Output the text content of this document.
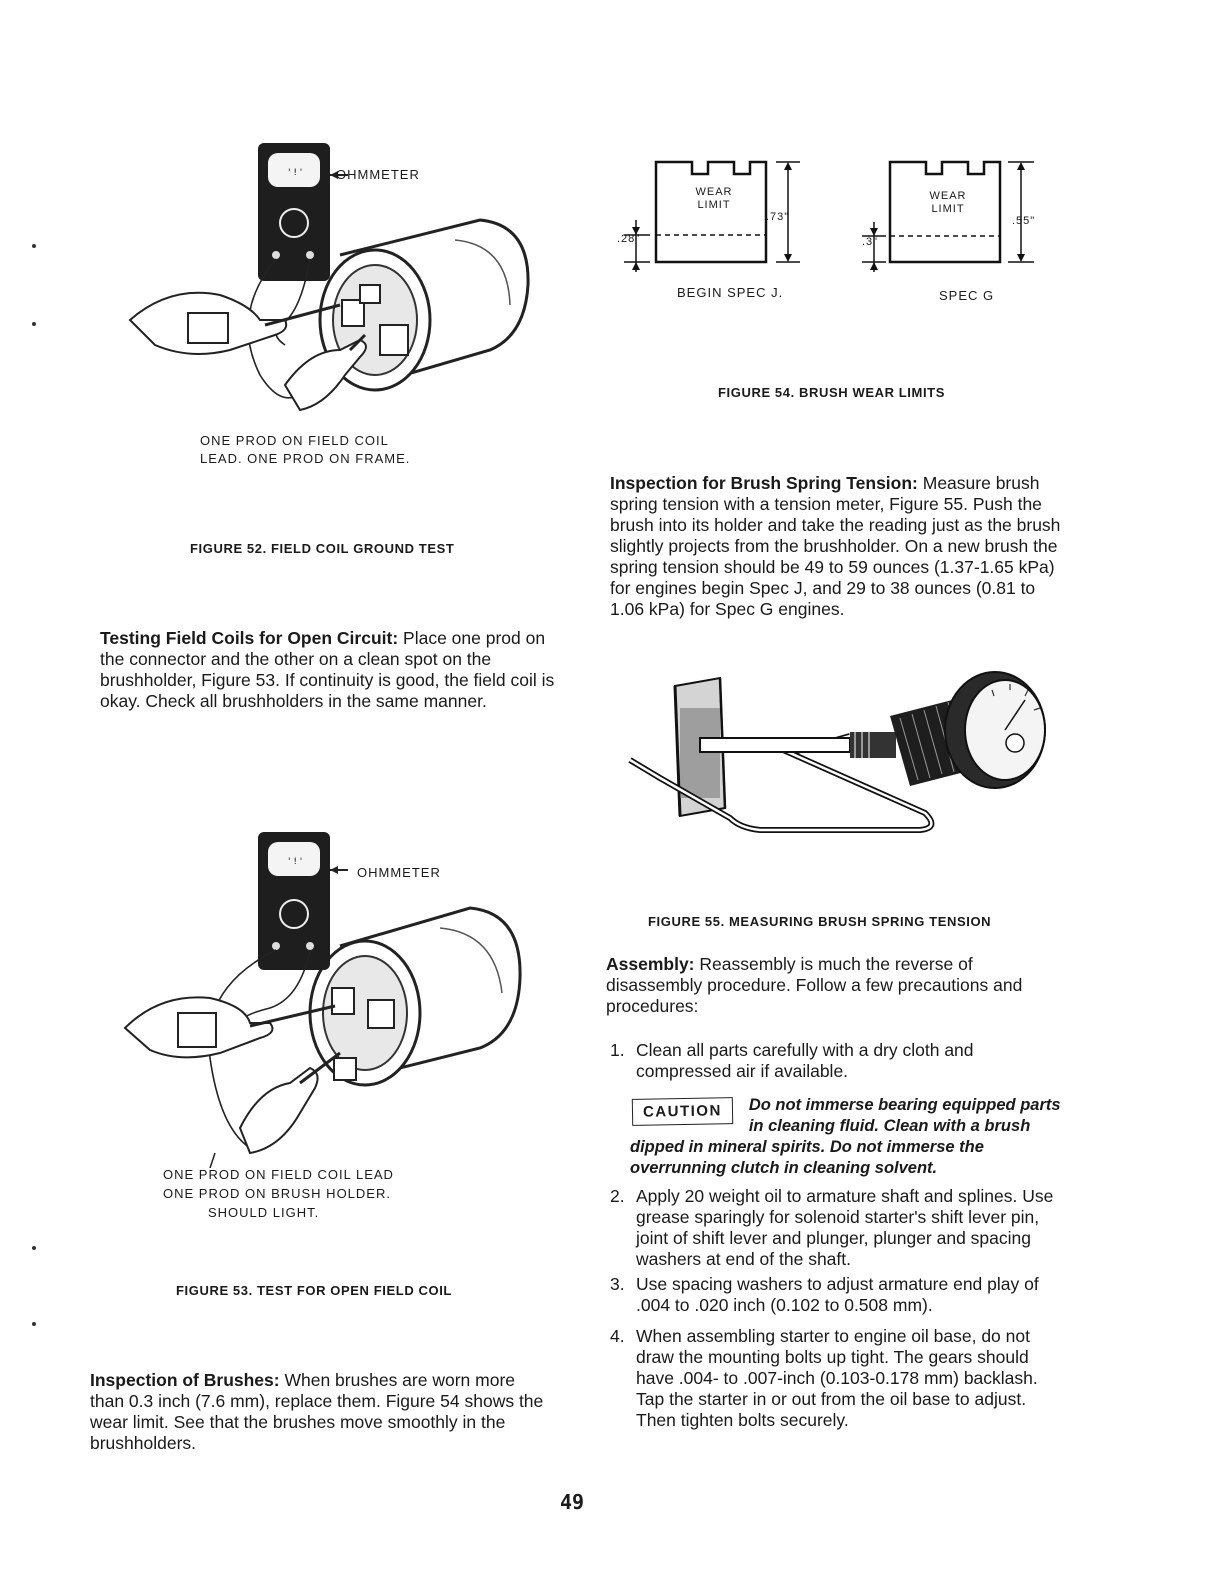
' ! '	OHMMETER
ONE PROD ON FIELD COIL
LEAD. ONE PROD ON FRAME.
FIGURE 52. FIELD COIL GROUND TEST
Testing Field Coils for Open Circuit: Place one prod on the connector and the other on a clean spot on the brushholder, Figure 53. If continuity is good, the field coil is okay. Check all brushholders in the same manner.
' ! '
OHMMETER
ONE PROD ON FIELD COIL LEAD
ONE PROD ON BRUSH HOLDER.
SHOULD LIGHT.
FIGURE 53. TEST FOR OPEN FIELD COIL
Inspection of Brushes: When brushes are worn more than 0.3 inch (7.6 mm), replace them. Figure 54 shows the wear limit. See that the brushes move smoothly in the brushholders.
WEAR LIMIT
.73"
.28"
WEAR LIMIT
.55"
.3"
BEGIN SPEC J.	SPEC G
FIGURE 54. BRUSH WEAR LIMITS
Inspection for Brush Spring Tension: Measure brush spring tension with a tension meter, Figure 55. Push the brush into its holder and take the reading just as the brush slightly projects from the brushholder. On a new brush the spring tension should be 49 to 59 ounces (1.37-1.65 kPa) for engines begin Spec J, and 29 to 38 ounces (0.81 to 1.06 kPa) for Spec G engines.
FIGURE 55. MEASURING BRUSH SPRING TENSION
Assembly: Reassembly is much the reverse of disassembly procedure. Follow a few precautions and procedures:
1. Clean all parts carefully with a dry cloth and compressed air if available.
CAUTION	Do not immerse bearing equipped parts in cleaning fluid. Clean with a brush dipped in mineral spirits. Do not immerse the overrunning clutch in cleaning solvent.
2. Apply 20 weight oil to armature shaft and splines. Use grease sparingly for solenoid starter's shift lever pin, joint of shift lever and plunger, plunger and spacing washers at end of the shaft.
3. Use spacing washers to adjust armature end play of .004 to .020 inch (0.102 to 0.508 mm).
4. When assembling starter to engine oil base, do not draw the mounting bolts up tight. The gears should have .004- to .007-inch (0.103-0.178 mm) backlash. Tap the starter in or out from the oil base to adjust. Then tighten bolts securely.
49
